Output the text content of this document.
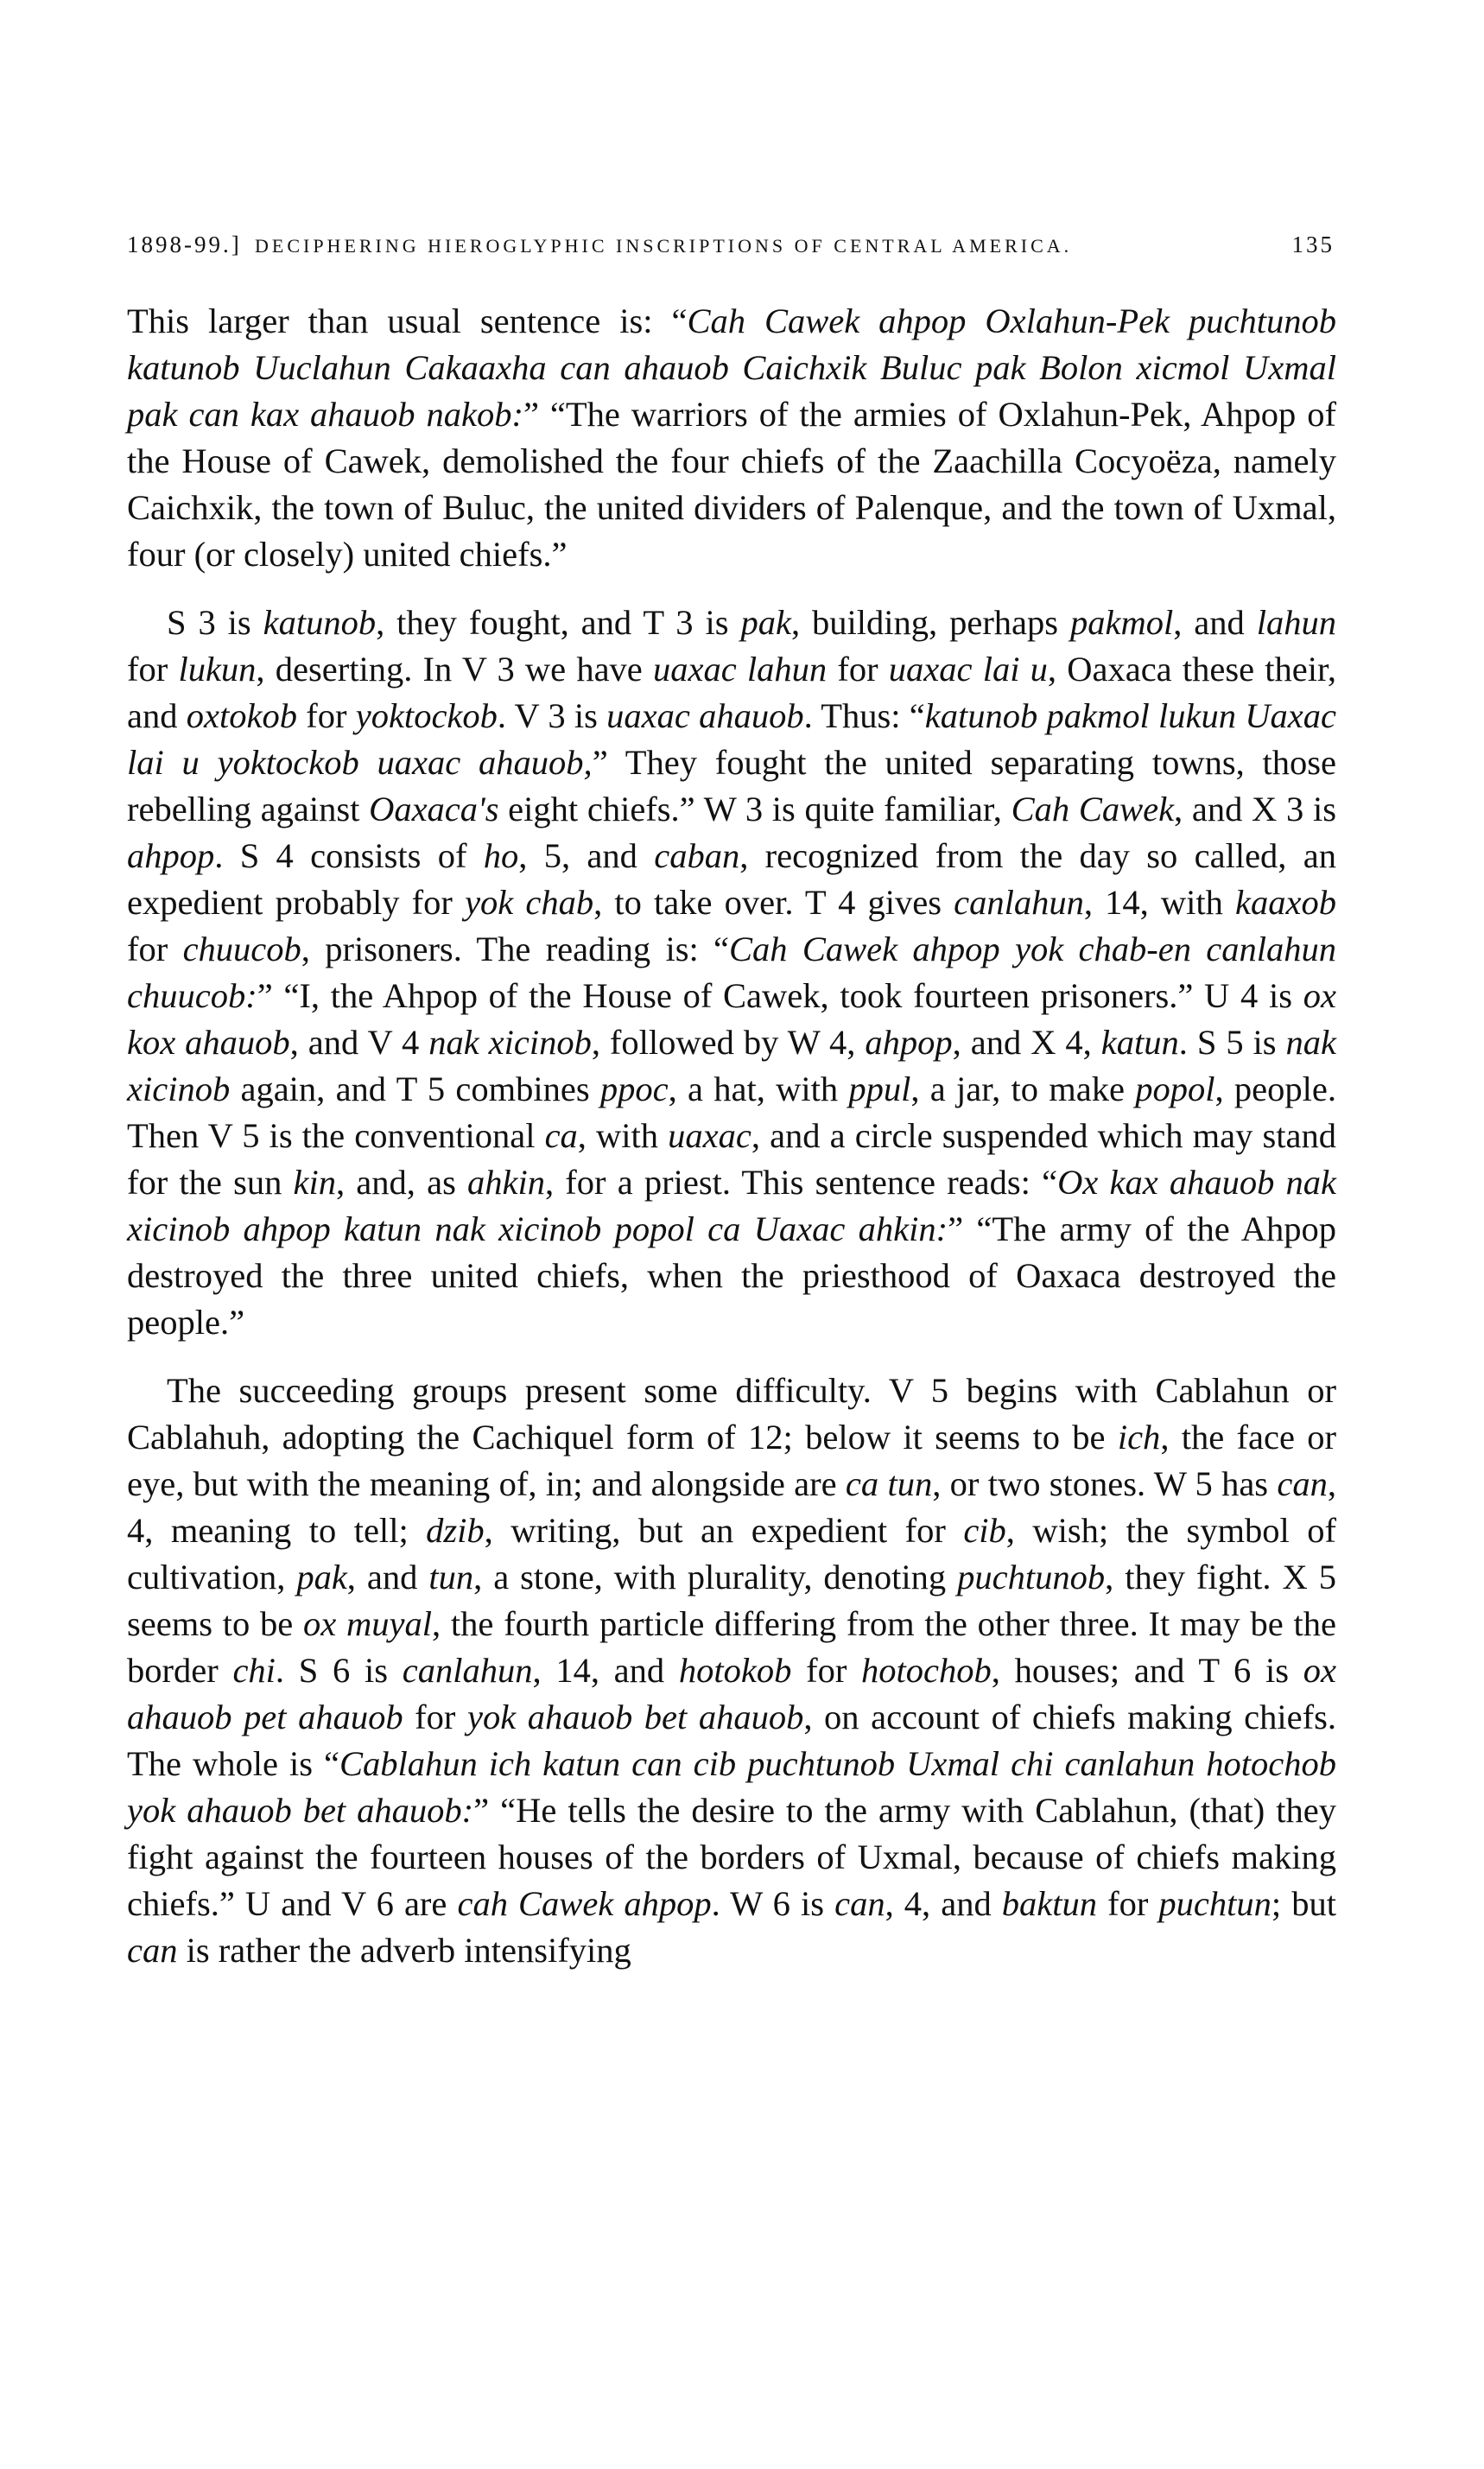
1898-99.] DECIPHERING HIEROGLYPHIC INSCRIPTIONS OF CENTRAL AMERICA.	135

This larger than usual sentence is: “Cah Cawek ahpop Oxlahun-Pek puchtunob katunob Uuclahun Cakaaxha can ahauob Caichxik Buluc pak Bolon xicmol Uxmal pak can kax ahauob nakob:” “The warriors of the armies of Oxlahun-Pek, Ahpop of the House of Cawek, demolished the four chiefs of the Zaachilla Cocyoëza, namely Caichxik, the town of Buluc, the united dividers of Palenque, and the town of Uxmal, four (or closely) united chiefs.”

S 3 is katunob, they fought, and T 3 is pak, building, perhaps pakmol, and lahun for lukun, deserting. In V 3 we have uaxac lahun for uaxac lai u, Oaxaca these their, and oxtokob for yoktockob. V 3 is uaxac ahauob. Thus: “katunob pakmol lukun Uaxac lai u yoktockob uaxac ahauob,” They fought the united separating towns, those rebelling against Oaxaca's eight chiefs.” W 3 is quite familiar, Cah Cawek, and X 3 is ahpop. S 4 consists of ho, 5, and caban, recognized from the day so called, an expedient probably for yok chab, to take over. T 4 gives canlahun, 14, with kaaxob for chuucob, prisoners. The reading is: “Cah Cawek ahpop yok chab-en canlahun chuucob:” “I, the Ahpop of the House of Cawek, took fourteen prisoners.” U 4 is ox kox ahauob, and V 4 nak xicinob, followed by W 4, ahpop, and X 4, katun. S 5 is nak xicinob again, and T 5 combines ppoc, a hat, with ppul, a jar, to make popol, people. Then V 5 is the conventional ca, with uaxac, and a circle suspended which may stand for the sun kin, and, as ahkin, for a priest. This sentence reads: “Ox kax ahauob nak xicinob ahpop katun nak xicinob popol ca Uaxac ahkin:” “The army of the Ahpop destroyed the three united chiefs, when the priesthood of Oaxaca destroyed the people.”

The succeeding groups present some difficulty. V 5 begins with Cablahun or Cablahuh, adopting the Cachiquel form of 12; below it seems to be ich, the face or eye, but with the meaning of, in; and alongside are ca tun, or two stones. W 5 has can, 4, meaning to tell; dzib, writing, but an expedient for cib, wish; the symbol of cultivation, pak, and tun, a stone, with plurality, denoting puchtunob, they fight. X 5 seems to be ox muyal, the fourth particle differing from the other three. It may be the border chi. S 6 is canlahun, 14, and hotokob for hotochob, houses; and T 6 is ox ahauob pet ahauob for yok ahauob bet ahauob, on account of chiefs making chiefs. The whole is “Cablahun ich katun can cib puchtunob Uxmal chi canlahun hotochob yok ahauob bet ahauob:” “He tells the desire to the army with Cablahun, (that) they fight against the fourteen houses of the borders of Uxmal, because of chiefs making chiefs.” U and V 6 are cah Cawek ahpop. W 6 is can, 4, and baktun for puchtun; but can is rather the adverb intensifying
